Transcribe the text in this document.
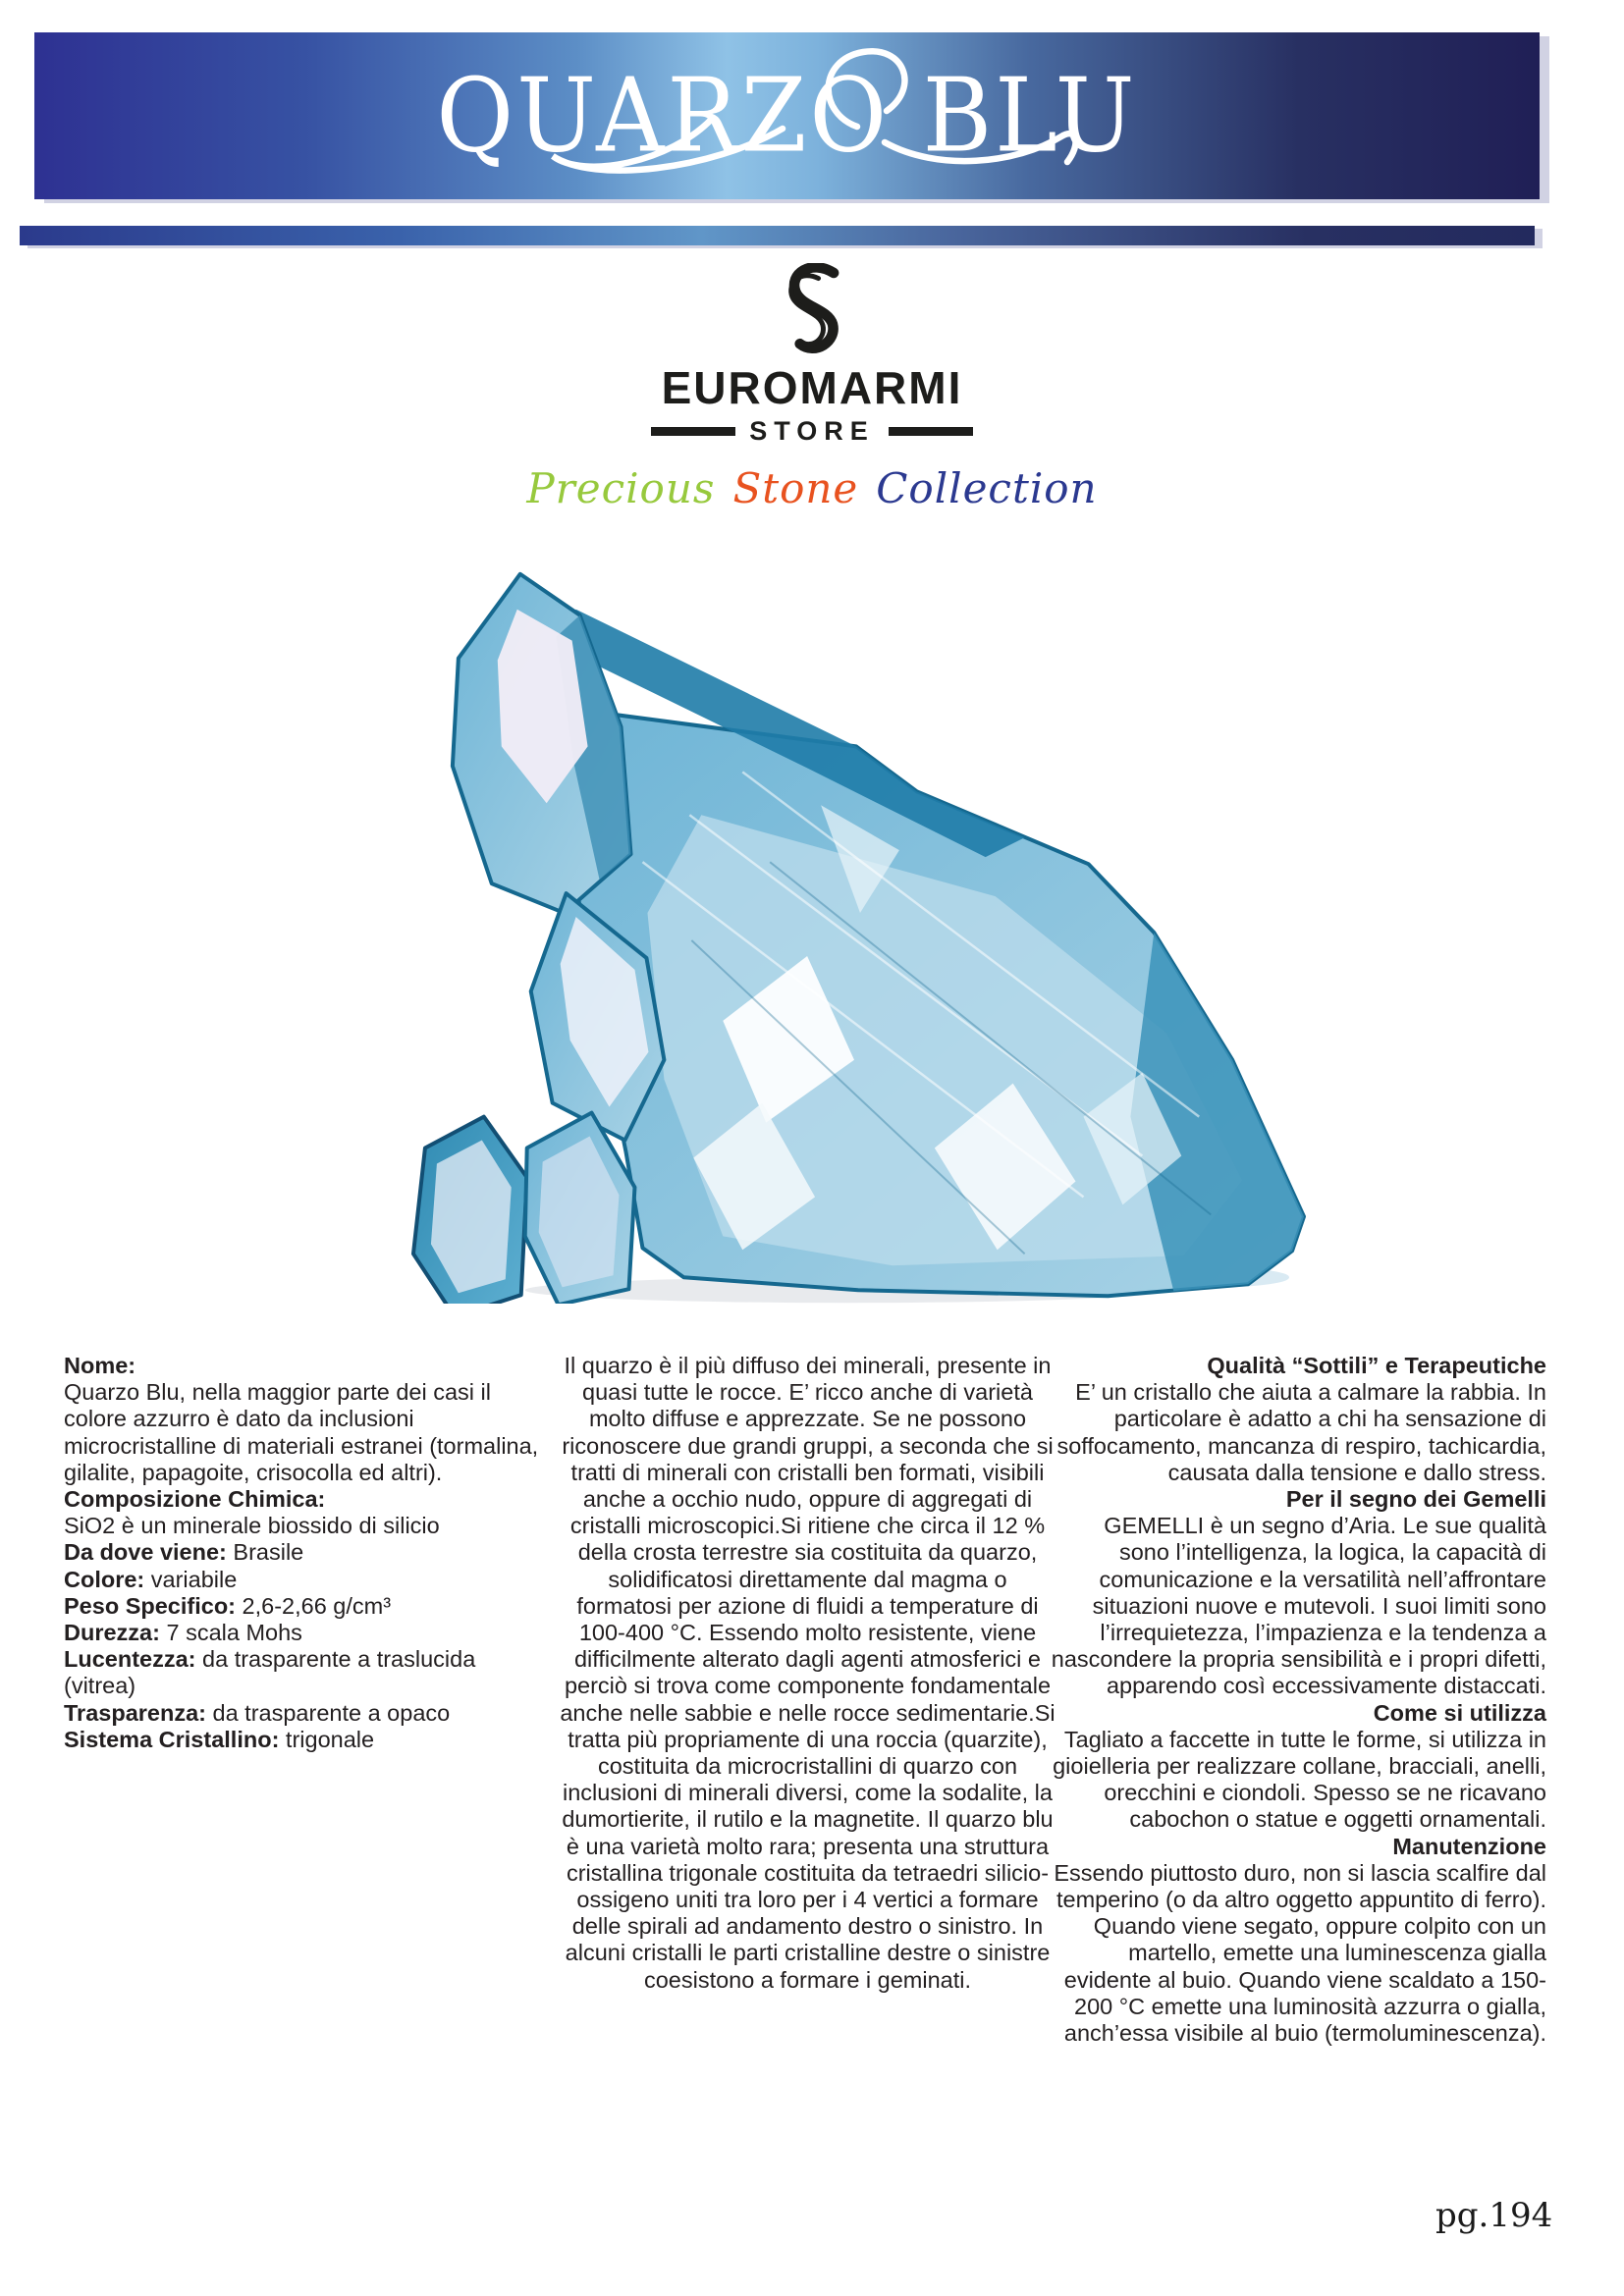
QUARZO BLU
EUROMARMI
STORE
Precious Stone Collection
Nome:
Quarzo Blu, nella maggior parte dei casi il colore azzurro è dato da inclusioni microcristalline di materiali estranei (tormalina, gilalite, papagoite, crisocolla ed altri).
Composizione Chimica:
SiO2 è un minerale biossido di silicio
Da dove viene: Brasile
Colore: variabile
Peso Specifico: 2,6-2,66 g/cm³
Durezza: 7 scala Mohs
Lucentezza: da trasparente a traslucida (vitrea)
Trasparenza: da trasparente a opaco
Sistema Cristallino: trigonale

Il quarzo è il più diffuso dei minerali, presente in quasi tutte le rocce. E’ ricco anche di varietà molto diffuse e apprezzate. Se ne possono riconoscere due grandi gruppi, a seconda che si tratti di minerali con cristalli ben formati, visibili anche a occhio nudo, oppure di aggregati di cristalli microscopici.Si ritiene che circa il 12 % della crosta terrestre sia costituita da quarzo, solidificatosi direttamente dal magma o formatosi per azione di fluidi a temperature di 100-400 °C. Essendo molto resistente, viene difficilmente alterato dagli agenti atmosferici e perciò si trova come componente fondamentale anche nelle sabbie e nelle rocce sedimentarie.Si tratta più propriamente di una roccia (quarzite), costituita da microcristallini di quarzo con inclusioni di minerali diversi, come la sodalite, la dumortierite, il rutilo e la magnetite. Il quarzo blu è una varietà molto rara; presenta una struttura cristallina trigonale costituita da tetraedri silicio-ossigeno uniti tra loro per i 4 vertici a formare delle spirali ad andamento destro o sinistro. In alcuni cristalli le parti cristalline destre o sinistre coesistono a formare i geminati.

Qualità “Sottili” e Terapeutiche
E’ un cristallo che aiuta a calmare la rabbia. In particolare è adatto a chi ha sensazione di soffocamento, mancanza di respiro, tachicardia, causata dalla tensione e dallo stress.
Per il segno dei Gemelli
GEMELLI è un segno d’Aria. Le sue qualità sono l’intelligenza, la logica, la capacità di comunicazione e la versatilità nell’affrontare situazioni nuove e mutevoli. I suoi limiti sono l’irrequietezza, l’impazienza e la tendenza a nascondere la propria sensibilità e i propri difetti, apparendo così eccessivamente distaccati.
Come si utilizza
Tagliato a faccette in tutte le forme, si utilizza in gioielleria per realizzare collane, bracciali, anelli, orecchini e ciondoli. Spesso se ne ricavano cabochon o statue e oggetti ornamentali.
Manutenzione
Essendo piuttosto duro, non si lascia scalfire dal temperino (o da altro oggetto appuntito di ferro). Quando viene segato, oppure colpito con un martello, emette una luminescenza gialla evidente al buio. Quando viene scaldato a 150-200 °C emette una luminosità azzurra o gialla, anch’essa visibile al buio (termoluminescenza).
pg.194
